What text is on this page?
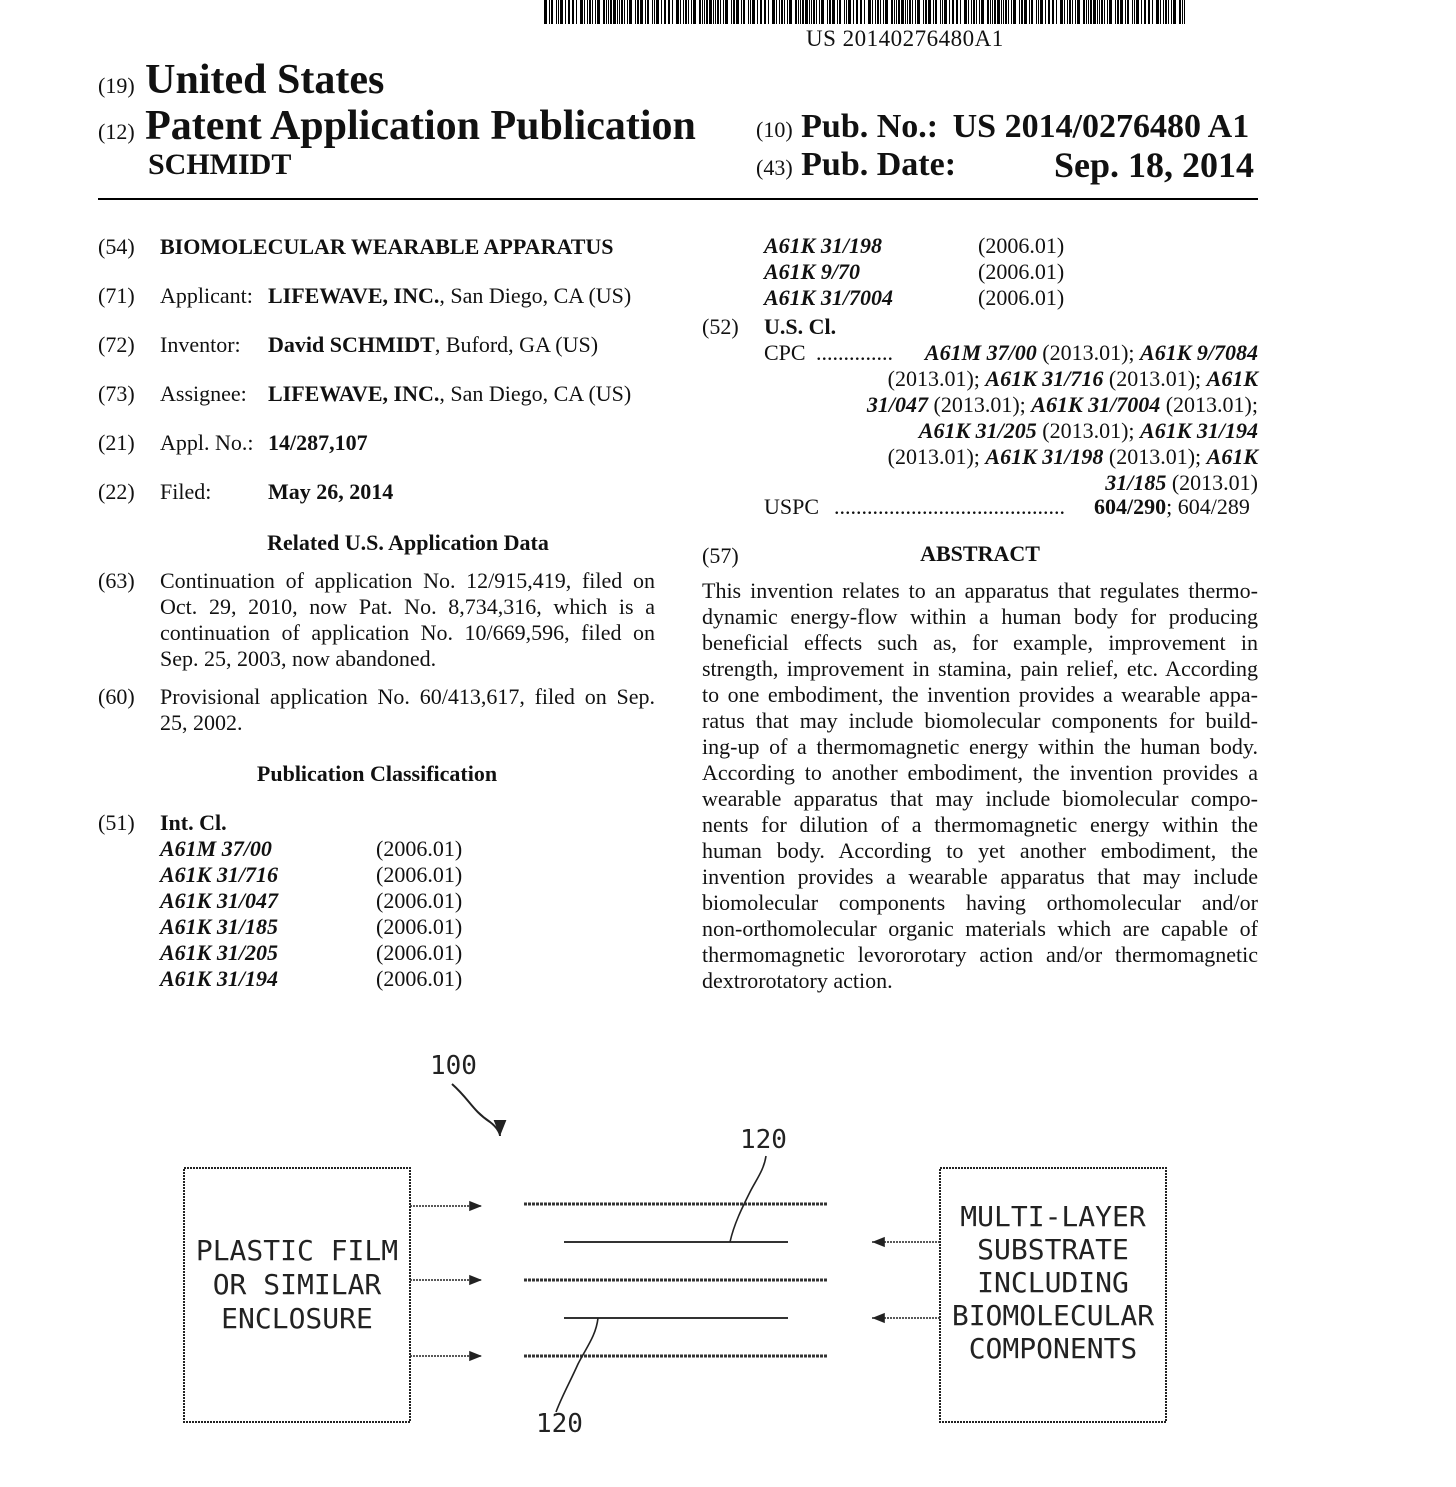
US 20140276480A1
(19) United States
(12) Patent Application Publication
SCHMIDT
(10) Pub. No.: US 2014/0276480 A1
(43) Pub. Date:	Sep. 18, 2014
(54) BIOMOLECULAR WEARABLE APPARATUS
(71) Applicant: LIFEWAVE, INC., San Diego, CA (US)
(72) Inventor: David SCHMIDT, Buford, GA (US)
(73) Assignee: LIFEWAVE, INC., San Diego, CA (US)
(21) Appl. No.: 14/287,107
(22) Filed:	May 26, 2014
Related U.S. Application Data
(63) Continuation of application No. 12/915,419, filed on
Oct. 29, 2010, now Pat. No. 8,734,316, which is a
continuation of application No. 10/669,596, filed on
Sep. 25, 2003, now abandoned.
(60) Provisional application No. 60/413,617, filed on Sep.
25, 2002.
Publication Classification
(51) Int. Cl.
A61M 37/00	(2006.01)
A61K 31/716	(2006.01)
A61K 31/047	(2006.01)
A61K 31/185	(2006.01)
A61K 31/205	(2006.01)
A61K 31/194	(2006.01)
A61K 31/198	(2006.01)
A61K 9/70	(2006.01)
A61K 31/7004	(2006.01)
(52) U.S. Cl.
CPC ..............	A61M 37/00 (2013.01); A61K 9/7084
(2013.01); A61K 31/716 (2013.01); A61K
31/047 (2013.01); A61K 31/7004 (2013.01);
A61K 31/205 (2013.01); A61K 31/194
(2013.01); A61K 31/198 (2013.01); A61K
31/185 (2013.01)
USPC .......................................... 604/290; 604/289
(57)	ABSTRACT
This invention relates to an apparatus that regulates thermo-
dynamic energy-flow within a human body for producing
beneficial effects such as, for example, improvement in
strength, improvement in stamina, pain relief, etc. According
to one embodiment, the invention provides a wearable appa-
ratus that may include biomolecular components for build-
ing-up of a thermomagnetic energy within the human body.
According to another embodiment, the invention provides a
wearable apparatus that may include biomolecular compo-
nents for dilution of a thermomagnetic energy within the
human body. According to yet another embodiment, the
invention provides a wearable apparatus that may include
biomolecular components having orthomolecular and/or
non-orthomolecular organic materials which are capable of
thermomagnetic levororotary action and/or thermomagnetic
dextrorotatory action.
100
PLASTIC FILM
OR SIMILAR
ENCLOSURE
120
120
MULTI-LAYER
SUBSTRATE
INCLUDING
BIOMOLECULAR
COMPONENTS
